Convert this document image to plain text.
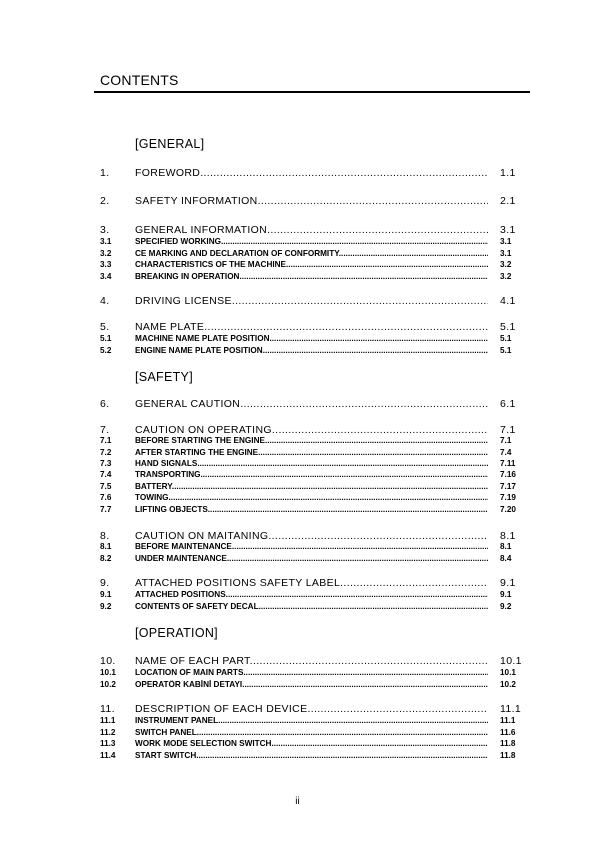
CONTENTS
[GENERAL]
1. FOREWORD .....	1.1
2. SAFETY INFORMATION .....	2.1
3. GENERAL INFORMATION .....	3.1
3.1	SPECIFIED WORKING .....	3.1
3.2	CE MARKING AND DECLARATION OF CONFORMITY .....	3.1
3.3	CHARACTERISTICS OF THE MACHINE .....	3.2
3.4	BREAKING IN OPERATION .....	3.2
4. DRIVING LICENSE .....	4.1
5. NAME PLATE .....	5.1
5.1	MACHINE NAME PLATE POSITION .....	5.1
5.2	ENGINE NAME PLATE POSITION .....	5.1
[SAFETY]
6. GENERAL CAUTION .....	6.1
7. CAUTION ON OPERATING .....	7.1
7.1	BEFORE STARTING THE ENGINE .....	7.1
7.2	AFTER STARTING THE ENGINE .....	7.4
7.3	HAND SIGNALS .....	7.11
7.4	TRANSPORTING .....	7.16
7.5	BATTERY .....	7.17
7.6	TOWING .....	7.19
7.7	LIFTING OBJECTS .....	7.20
8. CAUTION ON MAITANING .....	8.1
8.1	BEFORE MAINTENANCE .....	8.1
8.2	UNDER MAINTENANCE .....	8.4
9. ATTACHED POSITIONS SAFETY LABEL .....	9.1
9.1	ATTACHED POSITIONS .....	9.1
9.2	CONTENTS OF SAFETY DECAL .....	9.2
[OPERATION]
10. NAME OF EACH PART .....	10.1
10.1 LOCATION OF MAIN PARTS .....	10.1
10.2 OPERATÖR KABİNİ DETAYI .....	10.2
11. DESCRIPTION OF EACH DEVICE .....	11.1
11.1 INSTRUMENT PANEL .....	11.1
11.2 SWITCH PANEL .....	11.6
11.3 WORK MODE SELECTION SWITCH .....	11.8
11.4 START SWITCH .....	11.8
ii
